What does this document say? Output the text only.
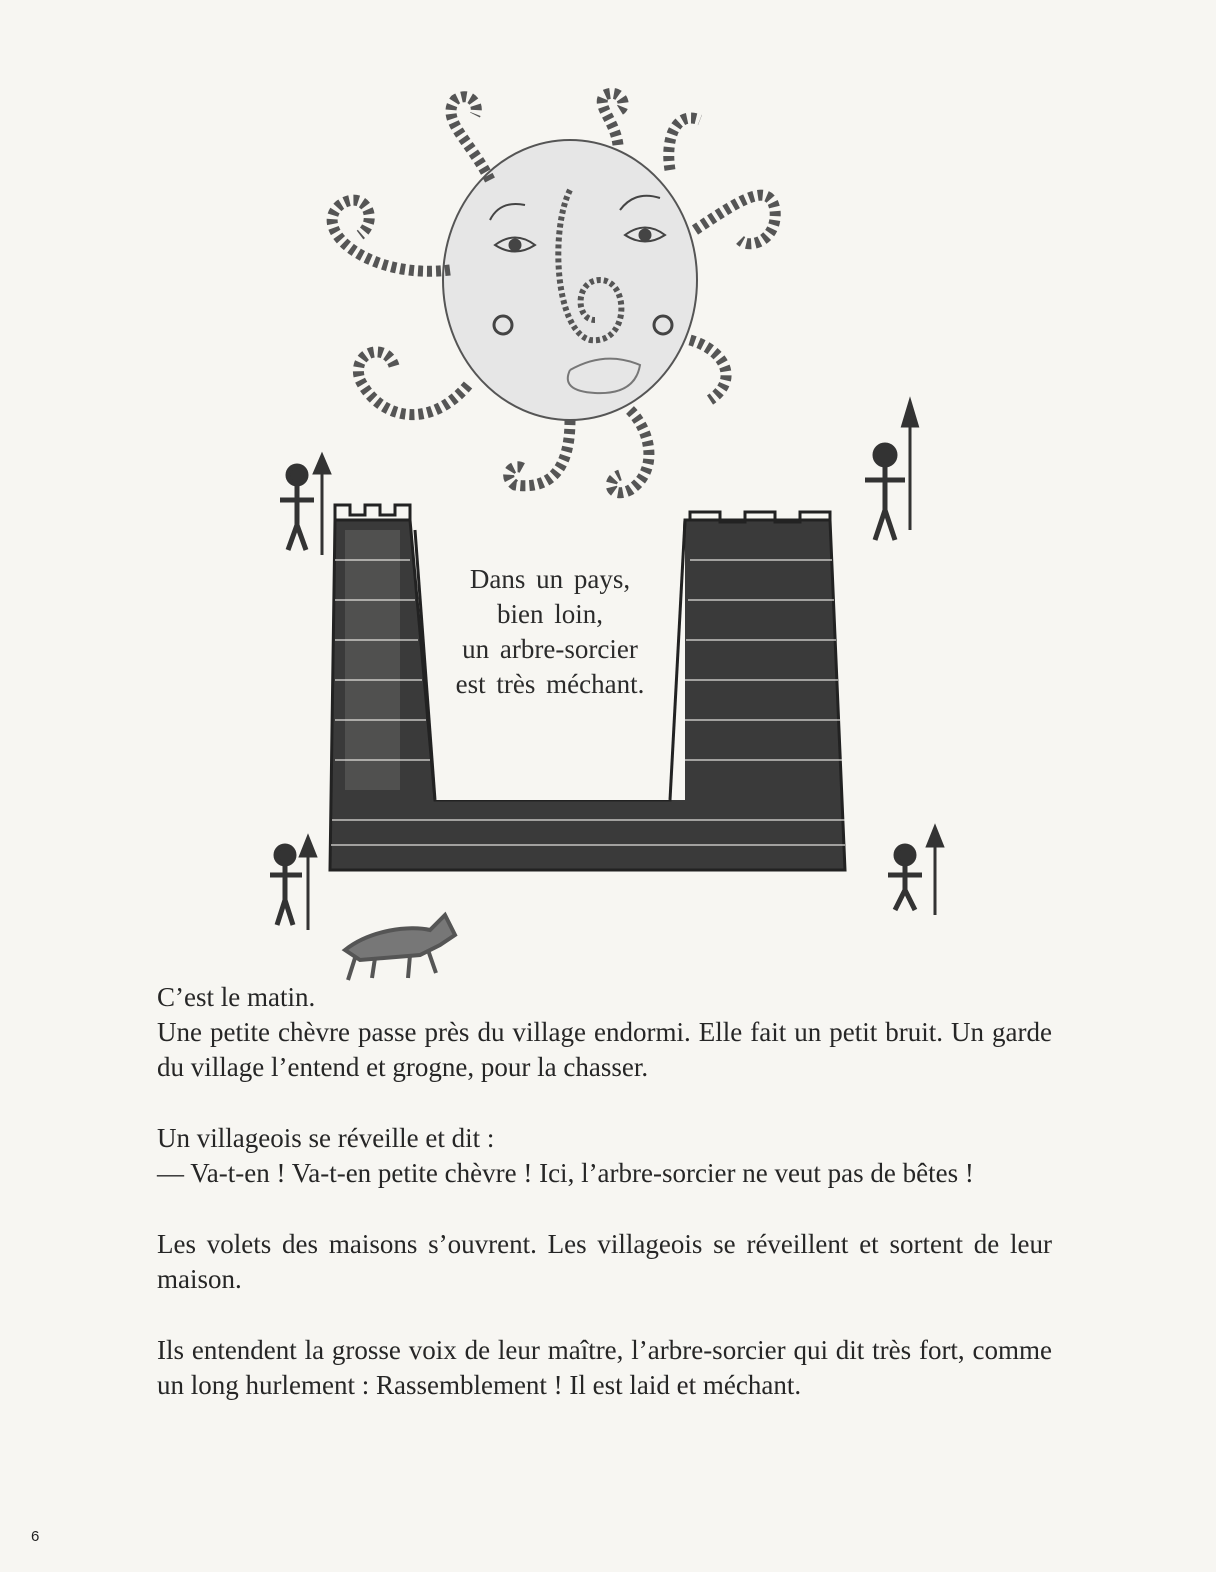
Dans un pays,
bien loin,
un arbre-sorcier
est très méchant.

C’est le matin.
Une petite chèvre passe près du village endormi. Elle fait un petit bruit. Un garde du village l’entend et grogne, pour la chasser.

Un villageois se réveille et dit :
— Va-t-en ! Va-t-en petite chèvre ! Ici, l’arbre-sorcier ne veut pas de bêtes !

Les volets des maisons s’ouvrent. Les villageois se réveillent et sortent de leur maison.

Ils entendent la grosse voix de leur maître, l’arbre-sorcier qui dit très fort, comme un long hurlement : Rassemblement ! Il est laid et méchant.

6
